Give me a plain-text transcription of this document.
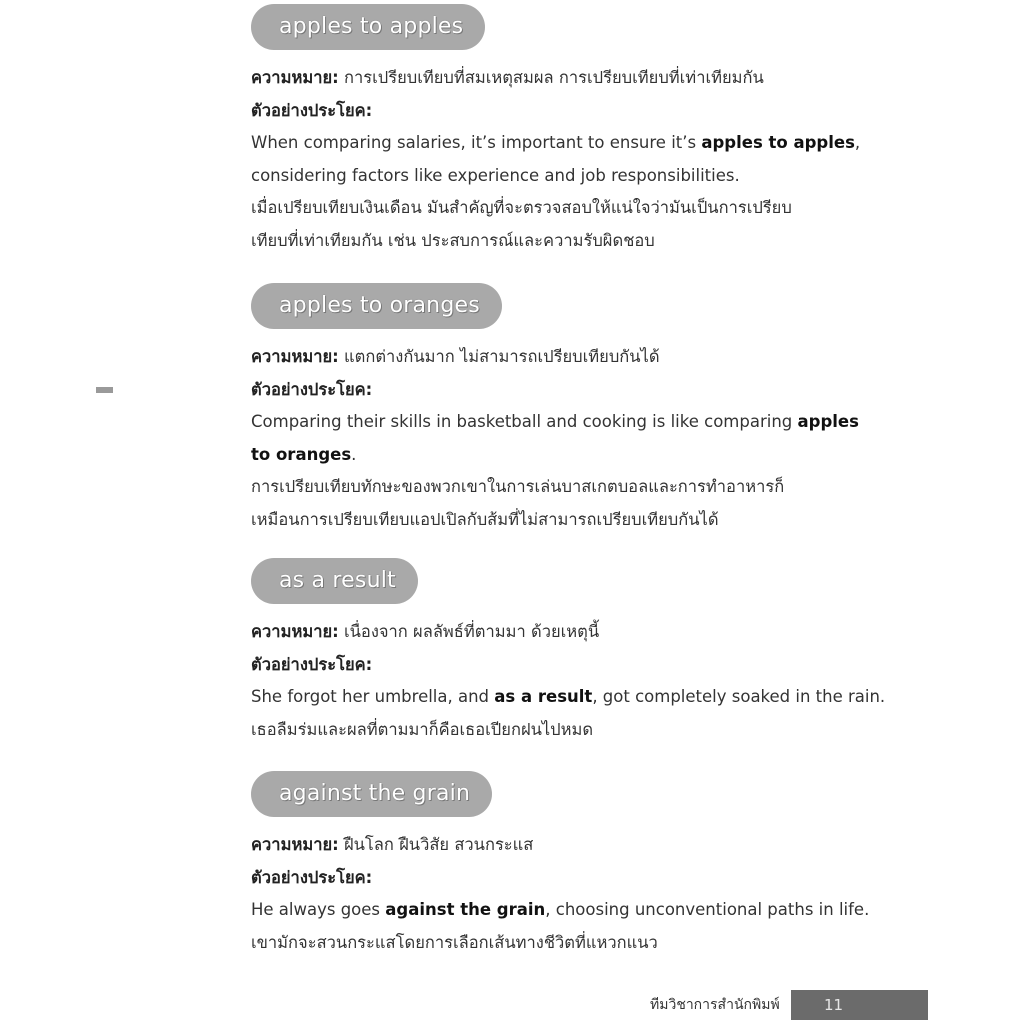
apples to apples
ความหมาย: การเปรียบเทียบที่สมเหตุสมผล การเปรียบเทียบที่เท่าเทียมกัน
ตัวอย่างประโยค:
When comparing salaries, it’s important to ensure it’s apples to apples,
considering factors like experience and job responsibilities.
เมื่อเปรียบเทียบเงินเดือน มันสำคัญที่จะตรวจสอบให้แน่ใจว่ามันเป็นการเปรียบ
เทียบที่เท่าเทียมกัน เช่น ประสบการณ์และความรับผิดชอบ
apples to oranges
ความหมาย: แตกต่างกันมาก ไม่สามารถเปรียบเทียบกันได้
ตัวอย่างประโยค:
Comparing their skills in basketball and cooking is like comparing apples
to oranges.
การเปรียบเทียบทักษะของพวกเขาในการเล่นบาสเกตบอลและการทำอาหารก็
เหมือนการเปรียบเทียบแอปเปิลกับส้มที่ไม่สามารถเปรียบเทียบกันได้
as a result
ความหมาย: เนื่องจาก ผลลัพธ์ที่ตามมา ด้วยเหตุนี้
ตัวอย่างประโยค:
She forgot her umbrella, and as a result, got completely soaked in the rain.
เธอลืมร่มและผลที่ตามมาก็คือเธอเปียกฝนไปหมด
against the grain
ความหมาย: ฝืนโลก ฝืนวิสัย สวนกระแส
ตัวอย่างประโยค:
He always goes against the grain, choosing unconventional paths in life.
เขามักจะสวนกระแสโดยการเลือกเส้นทางชีวิตที่แหวกแนว
ทีมวิชาการสำนักพิมพ์	11
